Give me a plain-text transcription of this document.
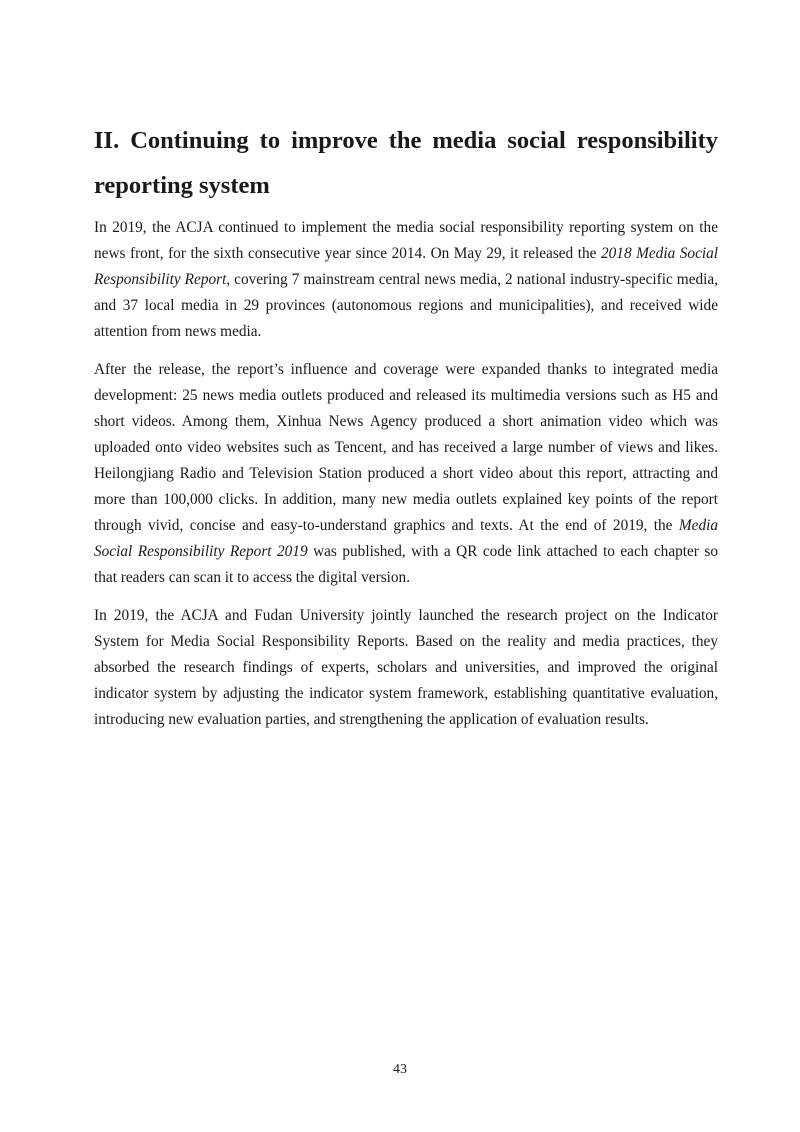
II. Continuing to improve the media social responsibility reporting system

In 2019, the ACJA continued to implement the media social responsibility reporting system on the news front, for the sixth consecutive year since 2014. On May 29, it released the 2018 Media Social Responsibility Report, covering 7 mainstream central news media, 2 national industry-specific media, and 37 local media in 29 provinces (autonomous regions and municipalities), and received wide attention from news media.

After the release, the report’s influence and coverage were expanded thanks to integrated media development: 25 news media outlets produced and released its multimedia versions such as H5 and short videos. Among them, Xinhua News Agency produced a short animation video which was uploaded onto video websites such as Tencent, and has received a large number of views and likes. Heilongjiang Radio and Television Station produced a short video about this report, attracting and more than 100,000 clicks. In addition, many new media outlets explained key points of the report through vivid, concise and easy-to-understand graphics and texts. At the end of 2019, the Media Social Responsibility Report 2019 was published, with a QR code link attached to each chapter so that readers can scan it to access the digital version.

In 2019, the ACJA and Fudan University jointly launched the research project on the Indicator System for Media Social Responsibility Reports. Based on the reality and media practices, they absorbed the research findings of experts, scholars and universities, and improved the original indicator system by adjusting the indicator system framework, establishing quantitative evaluation, introducing new evaluation parties, and strengthening the application of evaluation results.

43
